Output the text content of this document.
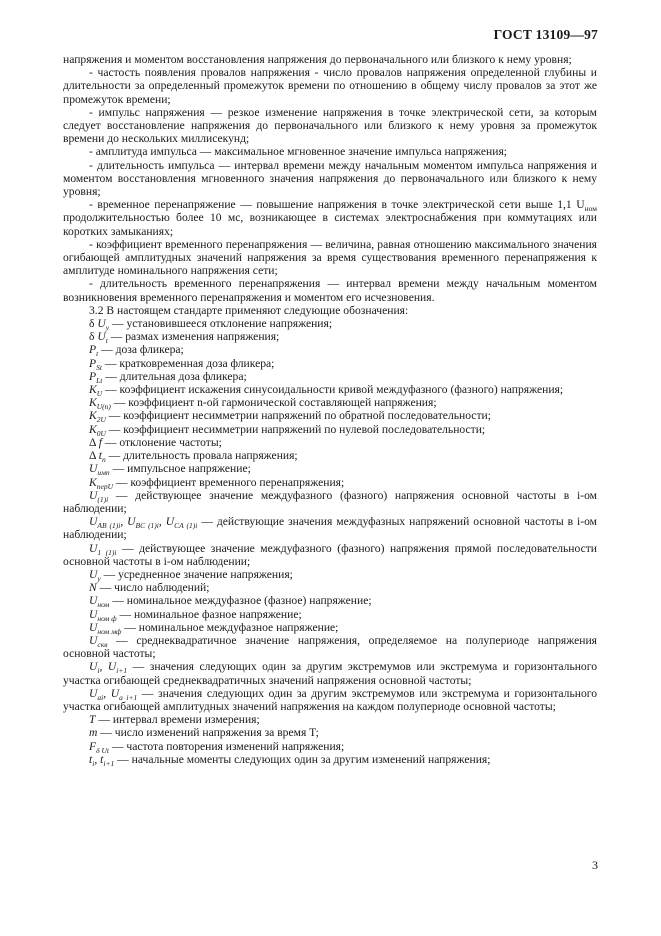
ГОСТ 13109—97

напряжения и моментом восстановления напряжения до первоначального или близкого к нему уровня;

- частость появления провалов напряжения - число провалов напряжения определенной глубины и длительности за определенный промежуток времени по отношению в общему числу провалов за этот же промежуток времени;

- импульс напряжения — резкое изменение напряжения в точке электрической сети, за которым следует восстановление напряжения до первоначального или близкого к нему уровня за промежуток времени до нескольких миллисекунд;

- амплитуда импульса — максимальное мгновенное значение импульса напряжения;

- длительность импульса — интервал времени между начальным моментом импульса напряжения и моментом восстановления мгновенного значения напряжения до первоначального или близкого к нему уровня;

- временное перенапряжение — повышение напряжения в точке электрической сети выше 1,1 $U_{ном}$ продолжительностью более 10 мс, возникающее в системах электроснабжения при коммутациях или коротких замыканиях;

- коэффициент временного перенапряжения — величина, равная отношению максимального значения огибающей амплитудных значений напряжения за время существования временного перенапряжения к амплитуде номинального напряжения сети;

- длительность временного перенапряжения — интервал времени между начальным моментом возникновения временного перенапряжения и моментом его исчезновения.

3.2 В настоящем стандарте применяют следующие обозначения:

δ $U_y$ — установившееся отклонение напряжения;

δ $U_t$ — размах изменения напряжения;

$P_t$ — доза фликера;

$P_{St}$ — кратковременная доза фликера;

$P_{Lt}$ — длительная доза фликера;

$K_U$ — коэффициент искажения синусоидальности кривой междуфазного (фазного) напряжения;

$K_{U(n)}$ — коэффициент n-ой гармонической составляющей напряжения;

$K_{2U}$ — коэффициент несимметрии напряжений по обратной последовательности;

$K_{0U}$ — коэффициент несимметрии напряжений по нулевой последовательности;

Δ f — отклонение частоты;

Δ $t_п$ — длительность провала напряжения;

$U_{имп}$ — импульсное напряжение;

$K_{перU}$ — коэффициент временного перенапряжения;

$U_{(1)i}$ — действующее значение междуфазного (фазного) напряжения основной частоты в i-ом наблюдении;

$U_{AB (1)i}$, $U_{BC (1)i}$, $U_{CA (1)i}$ — действующие значения междуфазных напряжений основной частоты в i-ом наблюдении;

$U_{1 (1)i}$ — действующее значение междуфазного (фазного) напряжения прямой последовательности основной частоты в i-ом наблюдении;

$U_y$ — усредненное значение напряжения;

N — число наблюдений;

$U_{ном}$ — номинальное междуфазное (фазное) напряжение;

$U_{ном ф}$ — номинальное фазное напряжение;

$U_{ном мф}$ — номинальное междуфазное напряжение;

$U_{скв}$ — среднеквадратичное значение напряжения, определяемое на полупериоде напряжения основной частоты;

$U_i$, $U_{i+1}$ — значения следующих один за другим экстремумов или экстремума и горизонтального участка огибающей среднеквадратичных значений напряжения основной частоты;

$U_{ai}$, $U_{a i+1}$ — значения следующих один за другим экстремумов или экстремума и горизонтального участка огибающей амплитудных значений напряжения на каждом полупериоде основной частоты;

T — интервал времени измерения;

m — число изменений напряжения за время T;

$F_{\delta Ut}$ — частота повторения изменений напряжения;

$t_i$, $t_{i+1}$ — начальные моменты следующих один за другим изменений напряжения;

3
